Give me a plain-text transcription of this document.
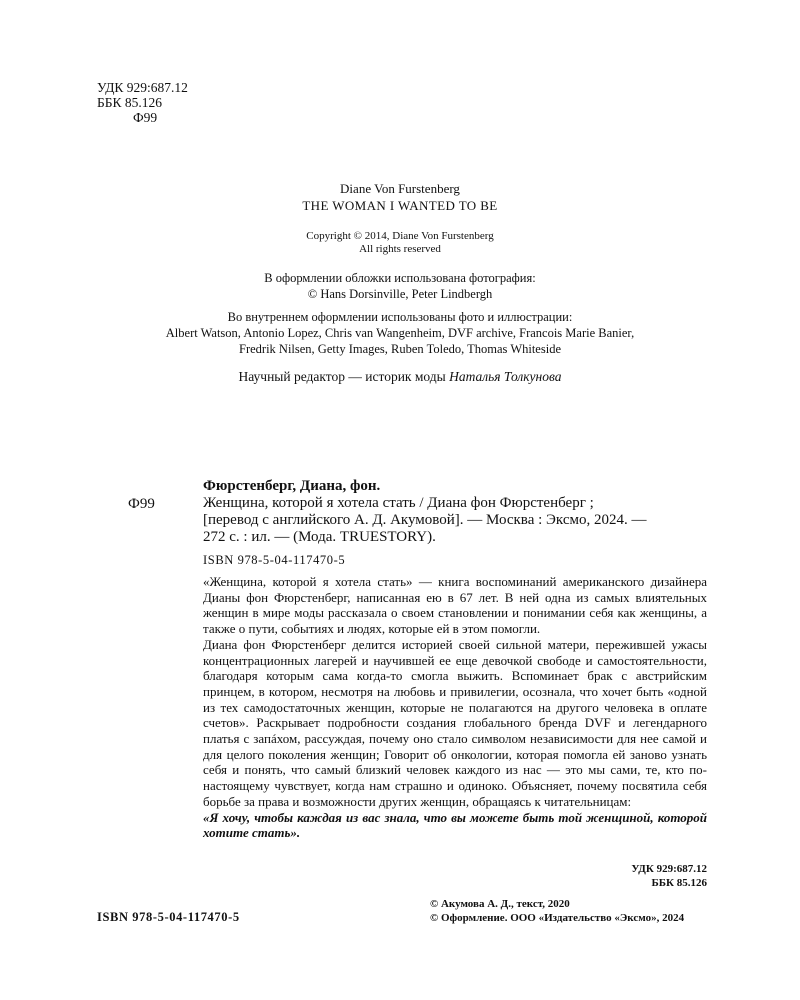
УДК 929:687.12
ББК 85.126
Ф99
Diane Von Furstenberg
THE WOMAN I WANTED TO BE
Copyright © 2014, Diane Von Furstenberg
All rights reserved
В оформлении обложки использована фотография:
© Hans Dorsinville, Peter Lindbergh
Во внутреннем оформлении использованы фото и иллюстрации:
Albert Watson, Antonio Lopez, Chris van Wangenheim, DVF archive, Francois Marie Banier,
Fredrik Nilsen, Getty Images, Ruben Toledo, Thomas Whiteside
Научный редактор — историк моды Наталья Толкунова
Ф99
Фюрстенберг, Диана, фон.
Женщина, которой я хотела стать / Диана фон Фюрстенберг ;
[перевод с английского А. Д. Акумовой]. — Москва : Эксмо, 2024. —
272 с. : ил. — (Мода. TRUESTORY).
ISBN 978-5-04-117470-5

«Женщина, которой я хотела стать» — книга воспоминаний американского дизайнера Дианы фон Фюрстенберг, написанная ею в 67 лет. В ней одна из самых влиятельных женщин в мире моды рассказала о своем становлении и понимании себя как женщины, а также о пути, событиях и людях, которые ей в этом помогли.

Диана фон Фюрстенберг делится историей своей сильной матери, пережившей ужасы концентрационных лагерей и научившей ее еще девочкой свободе и самостоятельности, благодаря которым сама когда-то смогла выжить. Вспоминает брак с австрийским принцем, в котором, несмотря на любовь и привилегии, осознала, что хочет быть «одной из тех самодостаточных женщин, которые не полагаются на другого человека в оплате счетов». Раскрывает подробности создания глобального бренда DVF и легендарного платья с запáхом, рассуждая, почему оно стало символом независимости для нее самой и для целого поколения женщин; Говорит об онкологии, которая помогла ей заново узнать себя и понять, что самый близкий человек каждого из нас — это мы сами, те, кто по-настоящему чувствует, когда нам страшно и одиноко. Объясняет, почему посвятила себя борьбе за права и возможности других женщин, обращаясь к читательницам:

«Я хочу, чтобы каждая из вас знала, что вы можете быть той женщиной, которой хотите стать».

УДК 929:687.12
ББК 85.126
ISBN 978-5-04-117470-5
© Акумова А. Д., текст, 2020
© Оформление. ООО «Издательство «Эксмо», 2024
